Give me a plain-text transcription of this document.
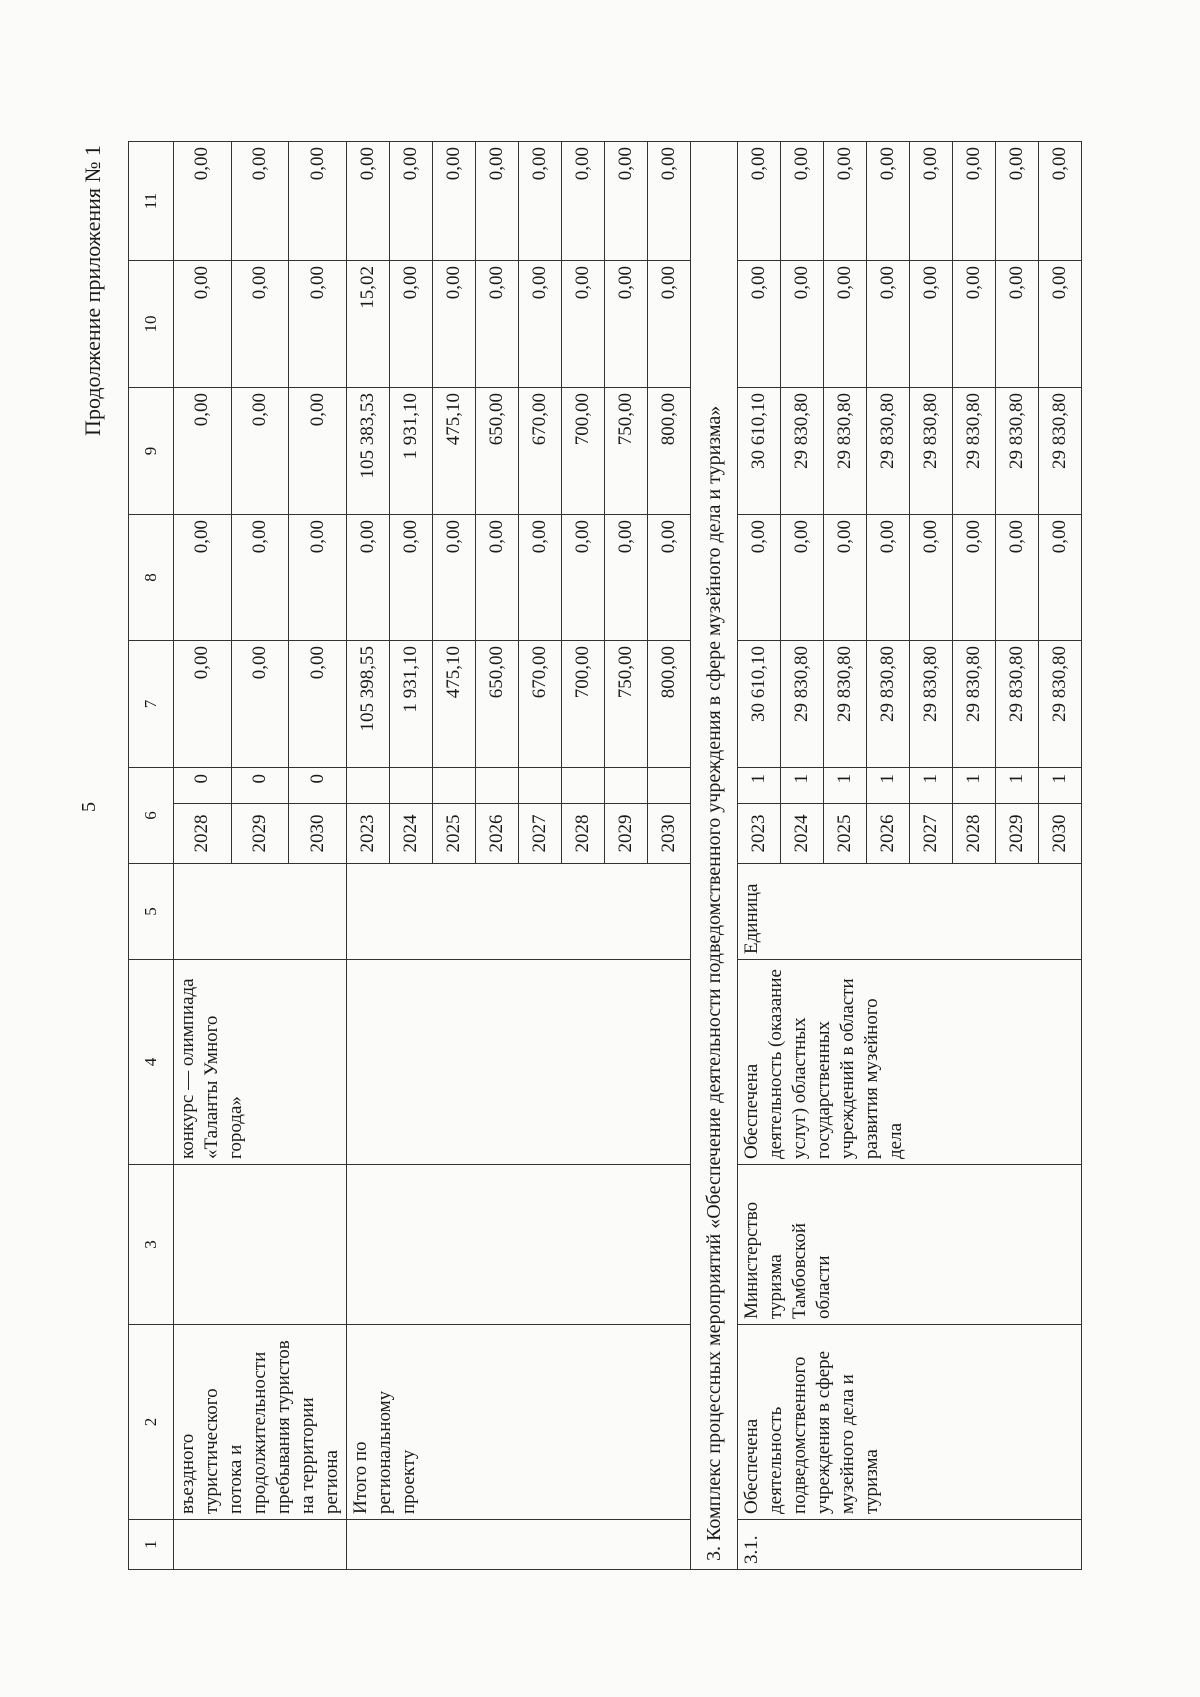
5
Продолжение приложения № 1
1	2	3	4	5	6		7	8	9	10	11
	въездного туристического потока и продолжительности пребывания туристов на территории региона		конкурс — олимпиада «Таланты Умного города»		2028	0	0,00	0,00	0,00	0,00	0,00
					2029	0	0,00	0,00	0,00	0,00	0,00
					2030	0	0,00	0,00	0,00	0,00	0,00
	Итого по региональному проекту				2023		105 398,55	0,00	105 383,53	15,02	0,00
					2024		1 931,10	0,00	1 931,10	0,00	0,00
					2025		475,10	0,00	475,10	0,00	0,00
					2026		650,00	0,00	650,00	0,00	0,00
					2027		670,00	0,00	670,00	0,00	0,00
					2028		700,00	0,00	700,00	0,00	0,00
					2029		750,00	0,00	750,00	0,00	0,00
					2030		800,00	0,00	800,00	0,00	0,00
3. Комплекс процессных мероприятий «Обеспечение деятельности подведомственного учреждения в сфере музейного дела и туризма»											
3.1.	Обеспечена деятельность подведомственного учреждения в сфере музейного дела и туризма	Министерство туризма Тамбовской области	Обеспечена деятельность (оказание услуг) областных государственных учреждений в области развития музейного дела	Единица	2023	1	30 610,10	0,00	30 610,10	0,00	0,00
					2024	1	29 830,80	0,00	29 830,80	0,00	0,00
					2025	1	29 830,80	0,00	29 830,80	0,00	0,00
					2026	1	29 830,80	0,00	29 830,80	0,00	0,00
					2027	1	29 830,80	0,00	29 830,80	0,00	0,00
					2028	1	29 830,80	0,00	29 830,80	0,00	0,00
					2029	1	29 830,80	0,00	29 830,80	0,00	0,00
					2030	1	29 830,80	0,00	29 830,80	0,00	0,00
